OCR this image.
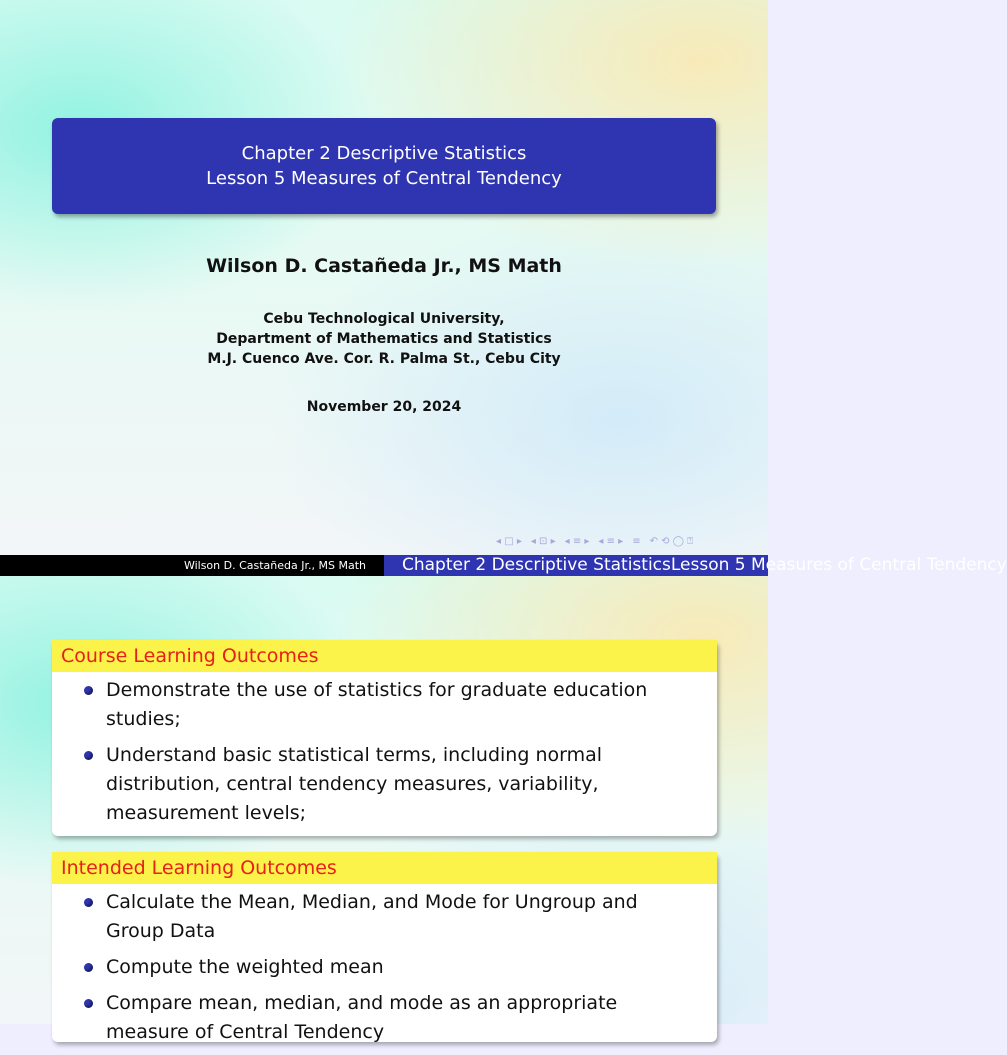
Chapter 2 Descriptive Statistics
Lesson 5 Measures of Central Tendency
Wilson D. Castañeda Jr., MS Math
Cebu Technological University,
Department of Mathematics and Statistics
M.J. Cuenco Ave. Cor. R. Palma St., Cebu City
November 20, 2024
◂ □ ▸ ◂ ⊡ ▸ ◂ ≡ ▸ ◂ ≡ ▸ ≡ ↶ ⟲ ◯ ⍰
Wilson D. Castañeda Jr., MS Math	Chapter 2 Descriptive StatisticsLesson 5 Measures of Central Tendency
Course Learning Outcomes
Demonstrate the use of statistics for graduate education studies;
Understand basic statistical terms, including normal distribution, central tendency measures, variability, measurement levels;
Intended Learning Outcomes
Calculate the Mean, Median, and Mode for Ungroup and Group Data
Compute the weighted mean
Compare mean, median, and mode as an appropriate measure of Central Tendency
